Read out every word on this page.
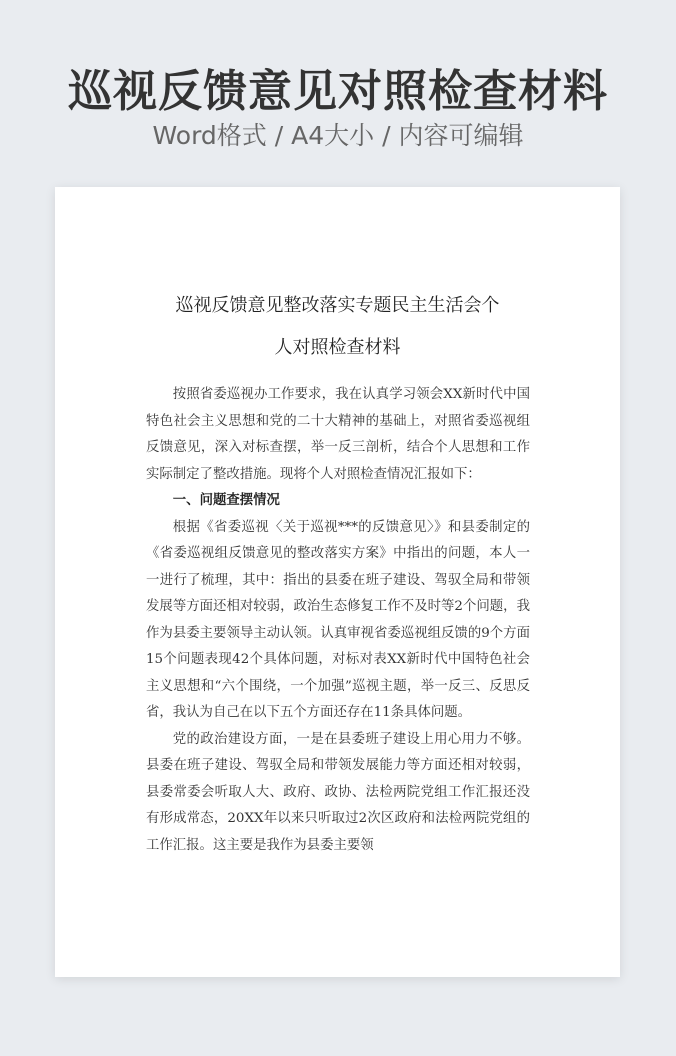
巡视反馈意见对照检查材料
Word格式 / A4大小 / 内容可编辑
巡视反馈意见整改落实专题民主生活会个
人对照检查材料

按照省委巡视办工作要求，我在认真学习领会XX新时代中国特色社会主义思想和党的二十大精神的基础上，对照省委巡视组反馈意见，深入对标查摆，举一反三剖析，结合个人思想和工作实际制定了整改措施。现将个人对照检查情况汇报如下：

一、问题查摆情况

根据《省委巡视〈关于巡视***的反馈意见〉》和县委制定的《省委巡视组反馈意见的整改落实方案》中指出的问题，本人一一进行了梳理，其中：指出的县委在班子建设、驾驭全局和带领发展等方面还相对较弱，政治生态修复工作不及时等2个问题，我作为县委主要领导主动认领。认真审视省委巡视组反馈的9个方面15个问题表现42个具体问题，对标对表XX新时代中国特色社会主义思想和“六个围绕，一个加强”巡视主题，举一反三、反思反省，我认为自己在以下五个方面还存在11条具体问题。

党的政治建设方面，一是在县委班子建设上用心用力不够。县委在班子建设、驾驭全局和带领发展能力等方面还相对较弱，县委常委会听取人大、政府、政协、法检两院党组工作汇报还没有形成常态，20XX年以来只听取过2次区政府和法检两院党组的工作汇报。这主要是我作为县委主要领
